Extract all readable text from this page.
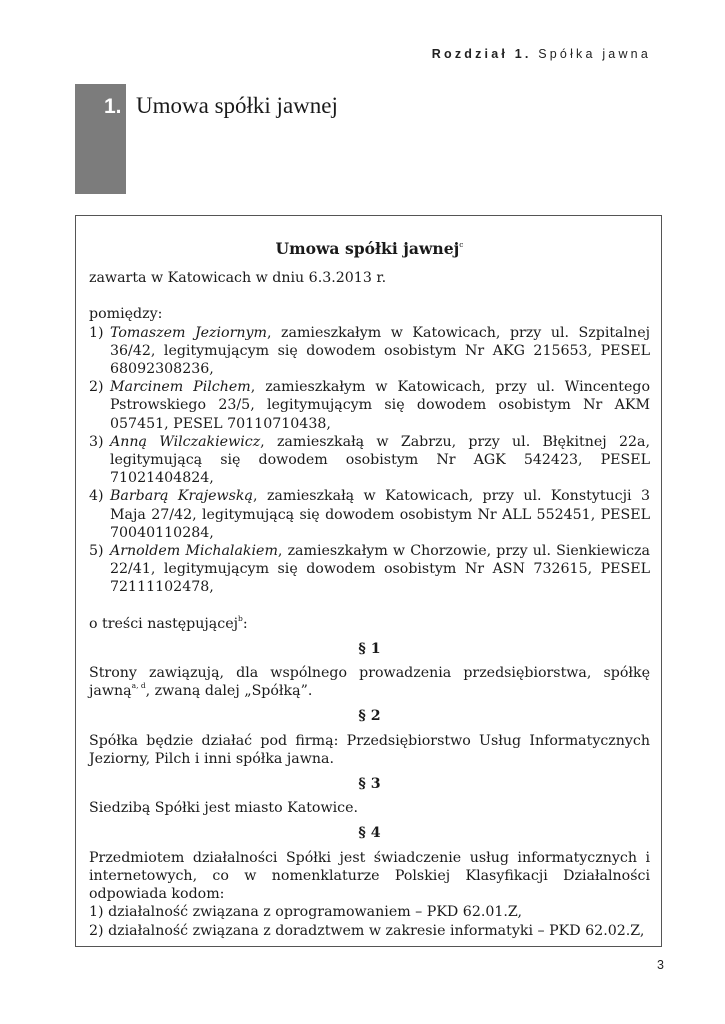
Rozdział 1. Spółka jawna
1. Umowa spółki jawnej

Umowa spółki jawnej$^c$

zawarta w Katowicach w dniu 6.3.2013 r.

pomiędzy:

1) Tomaszem Jeziornym, zamieszkałym w Katowicach, przy ul. Szpitalnej 36/42, legitymującym się dowodem osobistym Nr AKG 215653, PESEL 68092308236,
2) Marcinem Pilchem, zamieszkałym w Katowicach, przy ul. Wincentego Pstrowskiego 23/5, legitymującym się dowodem osobistym Nr AKM 057451, PESEL 70110710438,
3) Anną Wilczakiewicz, zamieszkałą w Zabrzu, przy ul. Błękitnej 22a, legitymującą się dowodem osobistym Nr AGK 542423, PESEL 71021404824,
4) Barbarą Krajewską, zamieszkałą w Katowicach, przy ul. Konstytucji 3 Maja 27/42, legitymującą się dowodem osobistym Nr ALL 552451, PESEL 70040110284,
5) Arnoldem Michalakiem, zamieszkałym w Chorzowie, przy ul. Sienkiewicza 22/41, legitymującym się dowodem osobistym Nr ASN 732615, PESEL 72111102478,

o treści następującej$^b$:

§ 1

Strony zawiązują, dla wspólnego prowadzenia przedsiębiorstwa, spółkę jawną$^{a, d}$, zwaną dalej „Spółką”.

§ 2

Spółka będzie działać pod firmą: Przedsiębiorstwo Usług Informatycznych Jeziorny, Pilch i inni spółka jawna.

§ 3

Siedzibą Spółki jest miasto Katowice.

§ 4

Przedmiotem działalności Spółki jest świadczenie usług informatycznych i internetowych, co w nomenklaturze Polskiej Klasyfikacji Działalności odpowiada kodom:

1) działalność związana z oprogramowaniem – PKD 62.01.Z,
2) działalność związana z doradztwem w zakresie informatyki – PKD 62.02.Z,
3
